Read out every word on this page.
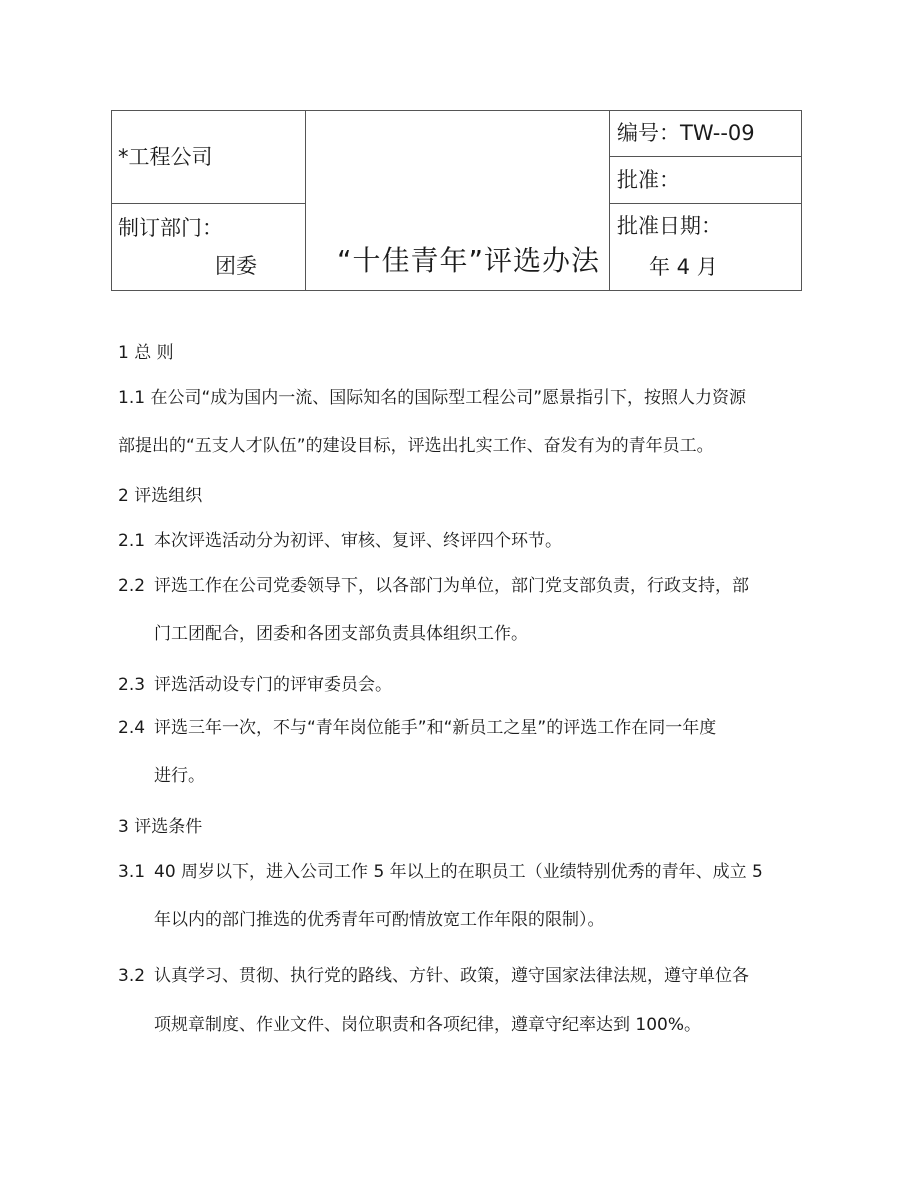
*工程公司
制订部门：
团委	“十佳青年”评选办法
编号：TW--09
批准：
批准日期：
年 4 月
1 总 则
1.1 在公司“成为国内一流、国际知名的国际型工程公司”愿景指引下，按照人力资源
部提出的“五支人才队伍”的建设目标，评选出扎实工作、奋发有为的青年员工。
2 评选组织
2.1 本次评选活动分为初评、审核、复评、终评四个环节。
2.2 评选工作在公司党委领导下，以各部门为单位，部门党支部负责，行政支持，部
门工团配合，团委和各团支部负责具体组织工作。
2.3 评选活动设专门的评审委员会。
2.4 评选三年一次，不与“青年岗位能手”和“新员工之星”的评选工作在同一年度
进行。
3 评选条件
3.1 40 周岁以下，进入公司工作 5 年以上的在职员工（业绩特别优秀的青年、成立 5
年以内的部门推选的优秀青年可酌情放宽工作年限的限制）。
3.2 认真学习、贯彻、执行党的路线、方针、政策，遵守国家法律法规，遵守单位各
项规章制度、作业文件、岗位职责和各项纪律，遵章守纪率达到 100%。
